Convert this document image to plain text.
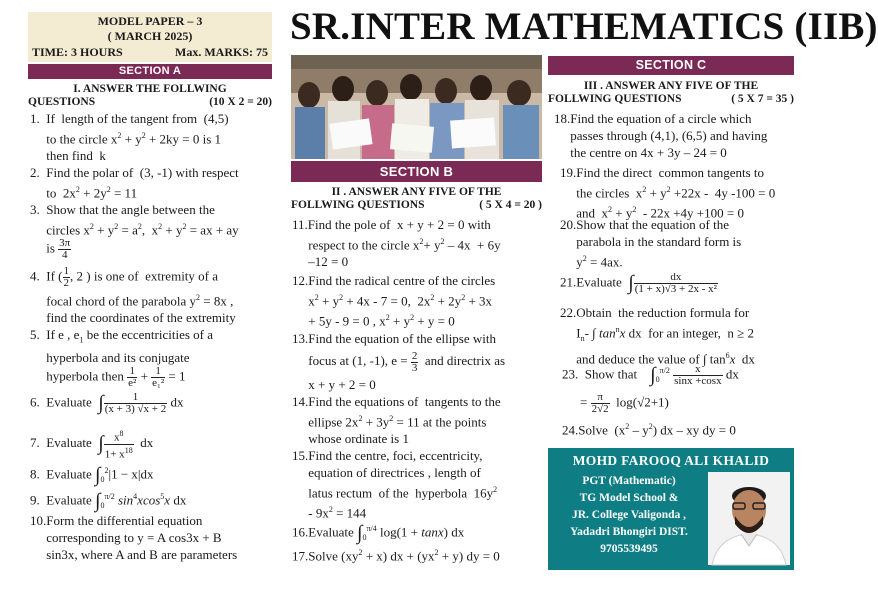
MODEL PAPER – 3
( MARCH 2025)
TIME: 3 HOURS	Max. MARKS: 75
SR.INTER MATHEMATICS (IIB)
SECTION A
I. ANSWER THE FOLLWING
QUESTIONS	(10 X 2 = 20)
1.  If  length of the tangent from  (4,5)
to the circle $x^2 + y^2 + 2ky = 0$ is 1
then find  k
2.  Find the polar of  (3, -1) with respect
to  $2x^2 + 2y^2 = 11$
3.  Show that the angle between the
circles $x^2 + y^2 = a^2$,  $x^2 + y^2$ = ax + ay
is $\frac{3\pi}{4}$
4.  If ( $\frac{1}{2}$ , 2 ) is one of  extremity of a
focal chord of the parabola $y^2 = 8x$ ,
find the coordinates of the extremity
5.  If e , $e_1$ be the eccentricities of a
hyperbola and its conjugate
hyperbola then $\frac{1}{\text{e²}} + \frac{1}{\text{e₁²}} = 1$
6.  Evaluate  ∫ $\frac{1}{(x + 3) √x + 2}$ dx
7.  Evaluate  ∫ $\frac{x^8}{1+ x^{18}}$ dx
8.  Evaluate $\int_0^2|1 - x|dx$
9.  Evaluate $\int_0^{\pi/2}$ $\sin^4xcos^5x$ dx
10.Form the differential equation
corresponding to y = A cos3x + B
sin3x, where A and B are parameters
SECTION B
II . ANSWER ANY FIVE OF THE
FOLLWING QUESTIONS	( 5 X 4 = 20 )
11.Find the pole of  x + y + 2 = 0 with
respect to the circle $x^2+ y^2 - 4x + 6y$
–12 = 0
12.Find the radical centre of the circles
$x^2 + y^2 + 4x - 7 = 0$,  $2x^2 + 2y^2 + 3x$
+ 5y - 9 = 0 , $x^2 + y^2 + y = 0$
13.Find the equation of the ellipse with
focus at (1, -1), $e = \frac{2}{3}$ and directrix as
x + y + 2 = 0
14.Find the equations of  tangents to the
ellipse $2x^2 + 3y^2 = 11$ at the points
whose ordinate is 1
15.Find the centre, foci, eccentricity,
equation of directrices , length of
latus rectum  of the  hyperbola  $16y^2$
- $9x^2 = 144$
16.Evaluate $\int_0^{\pi/4}$ log(1 + tanx) dx
17.Solve $(xy^2 + x)$ dx + $(yx^2 + y)$ dy = 0
SECTION C
III . ANSWER ANY FIVE OF THE
FOLLWING QUESTIONS	( 5 X 7 = 35 )
18.Find the equation of a circle which
passes through (4,1), (6,5) and having
the centre on 4x + 3y – 24 = 0
19.Find the direct  common tangents to
the circles  $x^2 + y^2 +22x - 4y$ -100 = 0
and  $x^2 + y^2 - 22x +4y +100 = 0$
20.Show that the equation of the
parabola in the standard form is
$y^2 = 4ax$.
21.Evaluate  ∫ $\frac{dx}{\text{(1 + x)√3 + 2x - x²}}$
22.Obtain  the reduction formula for
$I_n-$ ∫ $\tan^nx$ dx  for an integer,  n ≥ 2
and deduce the value of ∫ $\tan^6x$  dx
23.  Show that    $\int_0^{\pi/2} \frac{x}{\sin x +\cos x}$ dx
= $\frac{\pi}{2√2} \log(√2+1)$
24.Solve  $(x^2 - y^2)$ dx – xy dy = 0
MOHD FAROOQ ALI KHALID
PGT (Mathematic)
TG Model School &
JR. College Valigonda ,
Yadadri Bhongiri DIST.
9705539495
